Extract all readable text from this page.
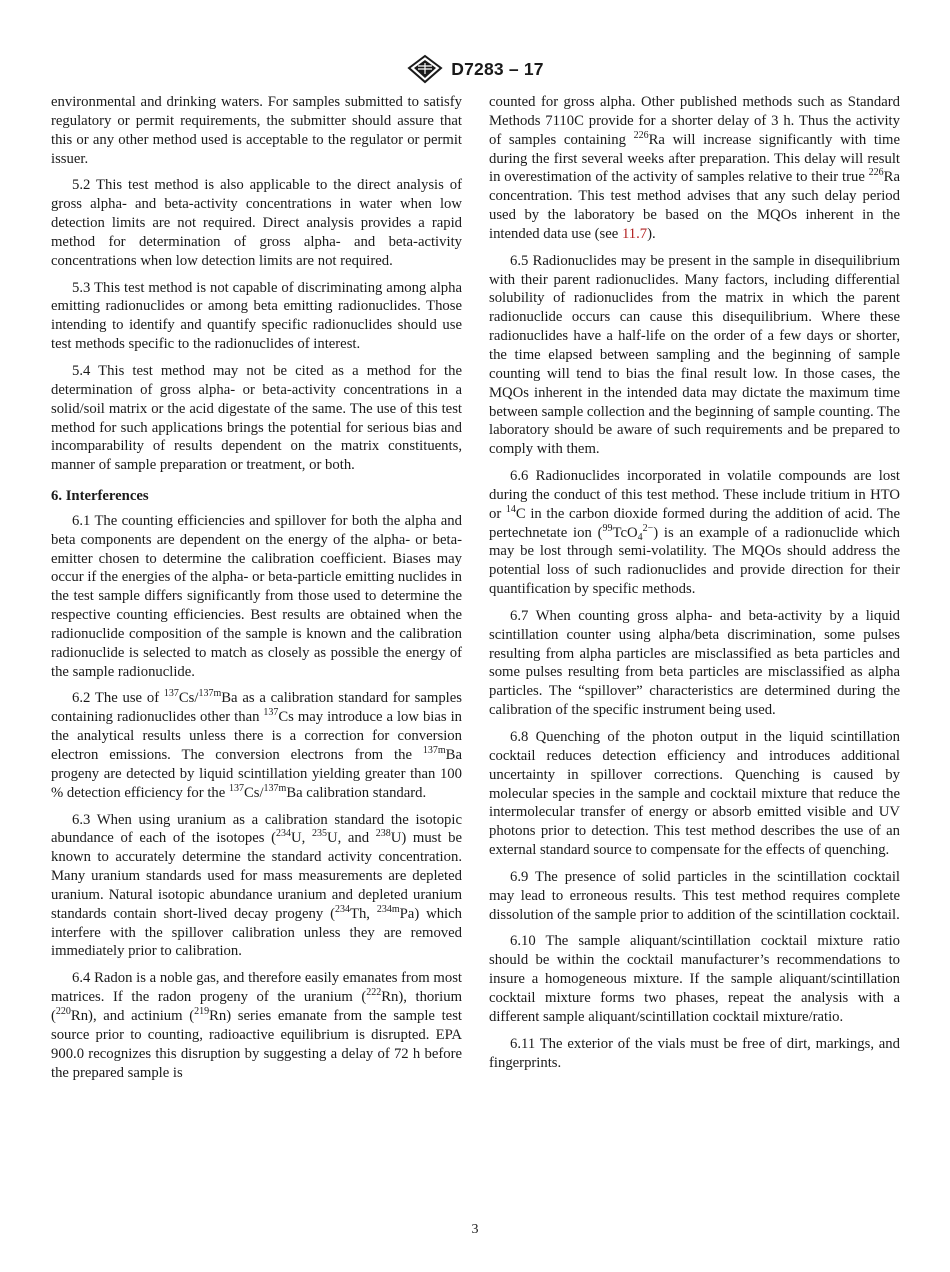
D7283 – 17

environmental and drinking waters. For samples submitted to satisfy regulatory or permit requirements, the submitter should assure that this or any other method used is acceptable to the regulator or permit issuer.

5.2 This test method is also applicable to the direct analysis of gross alpha- and beta-activity concentrations in water when low detection limits are not required. Direct analysis provides a rapid method for determination of gross alpha- and beta-activity concentrations when low detection limits are not required.

5.3 This test method is not capable of discriminating among alpha emitting radionuclides or among beta emitting radionuclides. Those intending to identify and quantify specific radionuclides should use test methods specific to the radionuclides of interest.

5.4 This test method may not be cited as a method for the determination of gross alpha- or beta-activity concentrations in a solid/soil matrix or the acid digestate of the same. The use of this test method for such applications brings the potential for serious bias and incomparability of results dependent on the matrix constituents, manner of sample preparation or treatment, or both.

6. Interferences

6.1 The counting efficiencies and spillover for both the alpha and beta components are dependent on the energy of the alpha- or beta-emitter chosen to determine the calibration coefficient. Biases may occur if the energies of the alpha- or beta-particle emitting nuclides in the test sample differs significantly from those used to determine the respective counting efficiencies. Best results are obtained when the radionuclide composition of the sample is known and the calibration radionuclide is selected to match as closely as possible the energy of the sample radionuclide.

6.2 The use of $^{137}$Cs/$^{137m}$Ba as a calibration standard for samples containing radionuclides other than $^{137}$Cs may introduce a low bias in the analytical results unless there is a correction for conversion electron emissions. The conversion electrons from the $^{137m}$Ba progeny are detected by liquid scintillation yielding greater than 100 % detection efficiency for the $^{137}$Cs/$^{137m}$Ba calibration standard.

6.3 When using uranium as a calibration standard the isotopic abundance of each of the isotopes ($^{234}$U, $^{235}$U, and $^{238}$U) must be known to accurately determine the standard activity concentration. Many uranium standards used for mass measurements are depleted uranium. Natural isotopic abundance uranium and depleted uranium standards contain short-lived decay progeny ($^{234}$Th, $^{234m}$Pa) which interfere with the spillover calibration unless they are removed immediately prior to calibration.

6.4 Radon is a noble gas, and therefore easily emanates from most matrices. If the radon progeny of the uranium ($^{222}$Rn), thorium ($^{220}$Rn), and actinium ($^{219}$Rn) series emanate from the sample test source prior to counting, radioactive equilibrium is disrupted. EPA 900.0 recognizes this disruption by suggesting a delay of 72 h before the prepared sample is

counted for gross alpha. Other published methods such as Standard Methods 7110C provide for a shorter delay of 3 h. Thus the activity of samples containing $^{226}$Ra will increase significantly with time during the first several weeks after preparation. This delay will result in overestimation of the activity of samples relative to their true $^{226}$Ra concentration. This test method advises that any such delay period used by the laboratory be based on the MQOs inherent in the intended data use (see 11.7).

6.5 Radionuclides may be present in the sample in disequilibrium with their parent radionuclides. Many factors, including differential solubility of radionuclides from the matrix in which the parent radionuclide occurs can cause this disequilibrium. Where these radionuclides have a half-life on the order of a few days or shorter, the time elapsed between sampling and the beginning of sample counting will tend to bias the final result low. In those cases, the MQOs inherent in the intended data may dictate the maximum time between sample collection and the beginning of sample counting. The laboratory should be aware of such requirements and be prepared to comply with them.

6.6 Radionuclides incorporated in volatile compounds are lost during the conduct of this test method. These include tritium in HTO or $^{14}$C in the carbon dioxide formed during the addition of acid. The pertechnetate ion ($^{99}$TcO$_4^{2-}$) is an example of a radionuclide which may be lost through semi-volatility. The MQOs should address the potential loss of such radionuclides and provide direction for their quantification by specific methods.

6.7 When counting gross alpha- and beta-activity by a liquid scintillation counter using alpha/beta discrimination, some pulses resulting from alpha particles are misclassified as beta particles and some pulses resulting from beta particles are misclassified as alpha particles. The “spillover” characteristics are determined during the calibration of the specific instrument being used.

6.8 Quenching of the photon output in the liquid scintillation cocktail reduces detection efficiency and introduces additional uncertainty in spillover corrections. Quenching is caused by molecular species in the sample and cocktail mixture that reduce the intermolecular transfer of energy or absorb emitted visible and UV photons prior to detection. This test method describes the use of an external standard source to compensate for the effects of quenching.

6.9 The presence of solid particles in the scintillation cocktail may lead to erroneous results. This test method requires complete dissolution of the sample prior to addition of the scintillation cocktail.

6.10 The sample aliquant/scintillation cocktail mixture ratio should be within the cocktail manufacturer’s recommendations to insure a homogeneous mixture. If the sample aliquant/scintillation cocktail mixture forms two phases, repeat the analysis with a different sample aliquant/scintillation cocktail mixture/ratio.

6.11 The exterior of the vials must be free of dirt, markings, and fingerprints.

3
